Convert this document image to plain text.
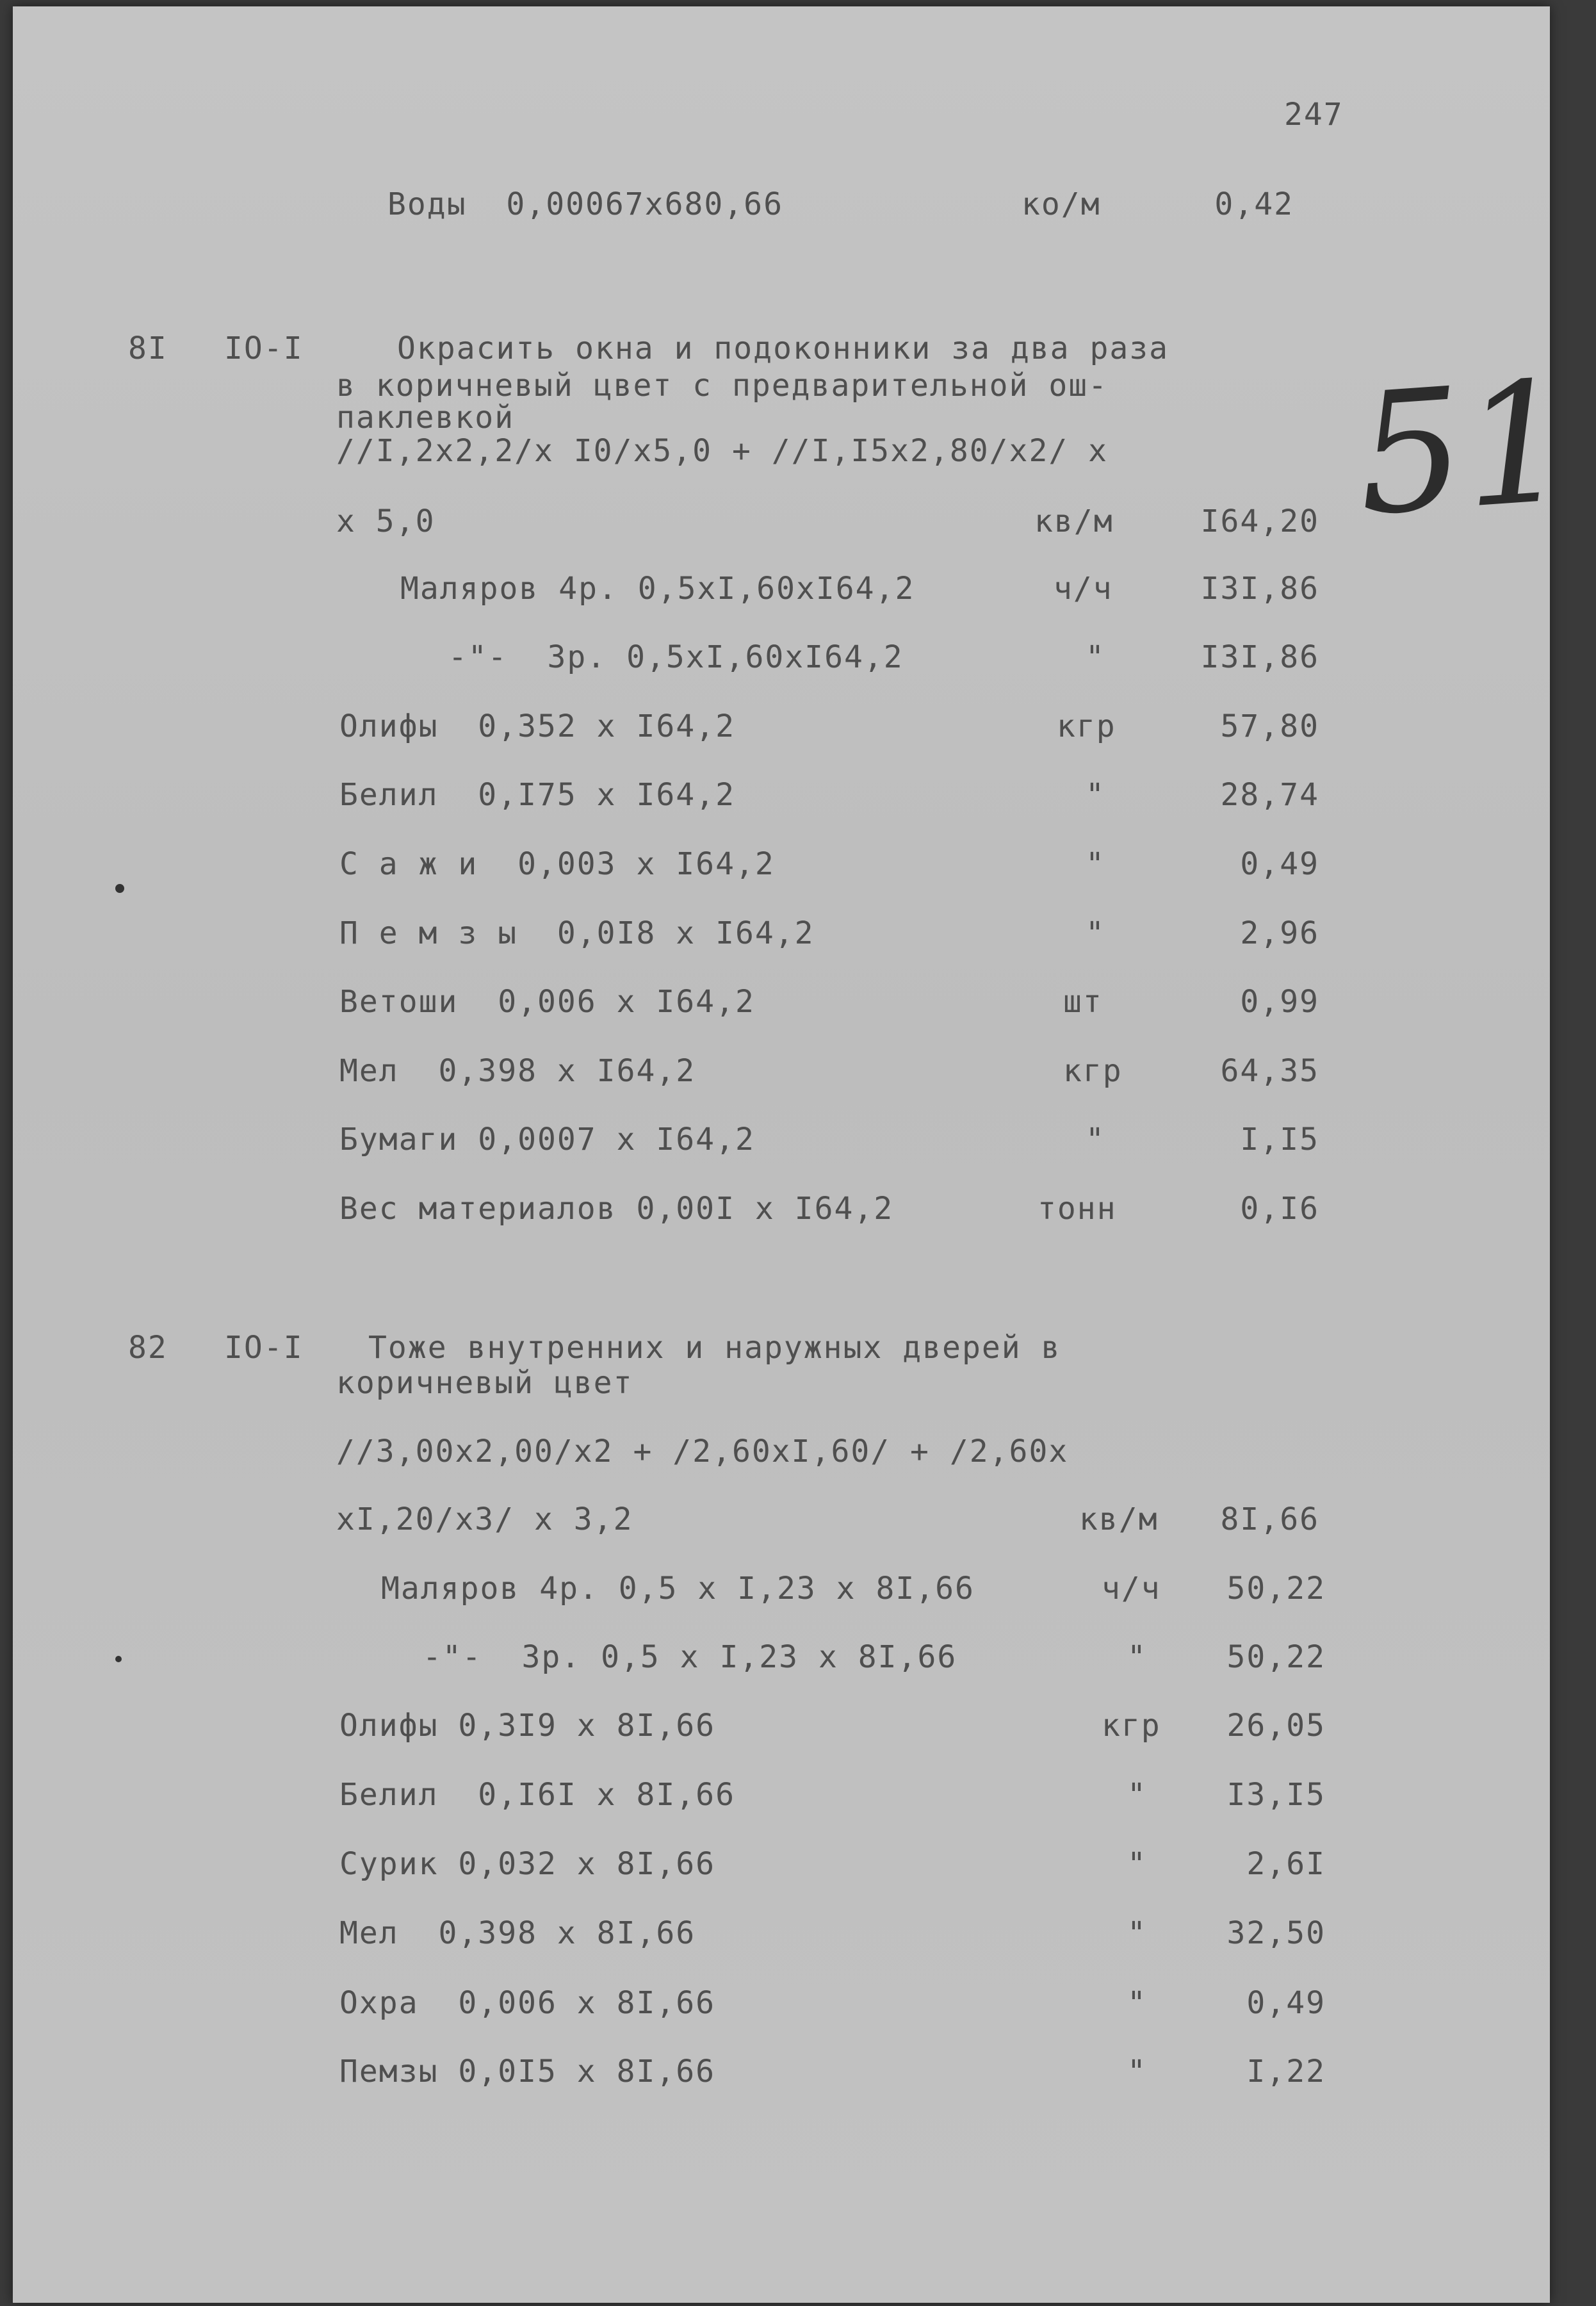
247

51

Воды  0,00067x680,66	ко/м	0,42

8I IO-I	Окрасить окна и подоконники за два раза

в коричневый цвет с предварительной ош-

паклевкой

//I,2x2,2/x I0/x5,0 + //I,I5x2,80/x2/ x

x 5,0	кв/м	I64,20

Маляров 4р. 0,5xI,60xI64,2	ч/ч	I3I,86

-"-  3р. 0,5xI,60xI64,2	"	I3I,86

Олифы  0,352 x I64,2	кгр	57,80

Белил  0,I75 x I64,2	"	28,74

С а ж и  0,003 x I64,2	"	0,49

П е м з ы  0,0I8 x I64,2	"	2,96

Ветоши  0,006 x I64,2	шт	0,99

Мел  0,398 x I64,2	кгр	64,35

Бумаги 0,0007 x I64,2	"	I,I5

Вес материалов 0,00I x I64,2	тонн	0,I6

82 IO-I Тоже внутренних и наружных дверей в

коричневый цвет

//3,00x2,00/x2 + /2,60xI,60/ + /2,60x

xI,20/x3/ x 3,2	кв/м	8I,66

Маляров 4р. 0,5 x I,23 x 8I,66	ч/ч	50,22

-"-  3р. 0,5 x I,23 x 8I,66	"	50,22

Олифы 0,3I9 x 8I,66	кгр	26,05

Белил  0,I6I x 8I,66	"	I3,I5

Сурик 0,032 x 8I,66	"	2,6I

Мел  0,398 x 8I,66	"	32,50

Охра  0,006 x 8I,66	"	0,49

Пемзы 0,0I5 x 8I,66	"	I,22
